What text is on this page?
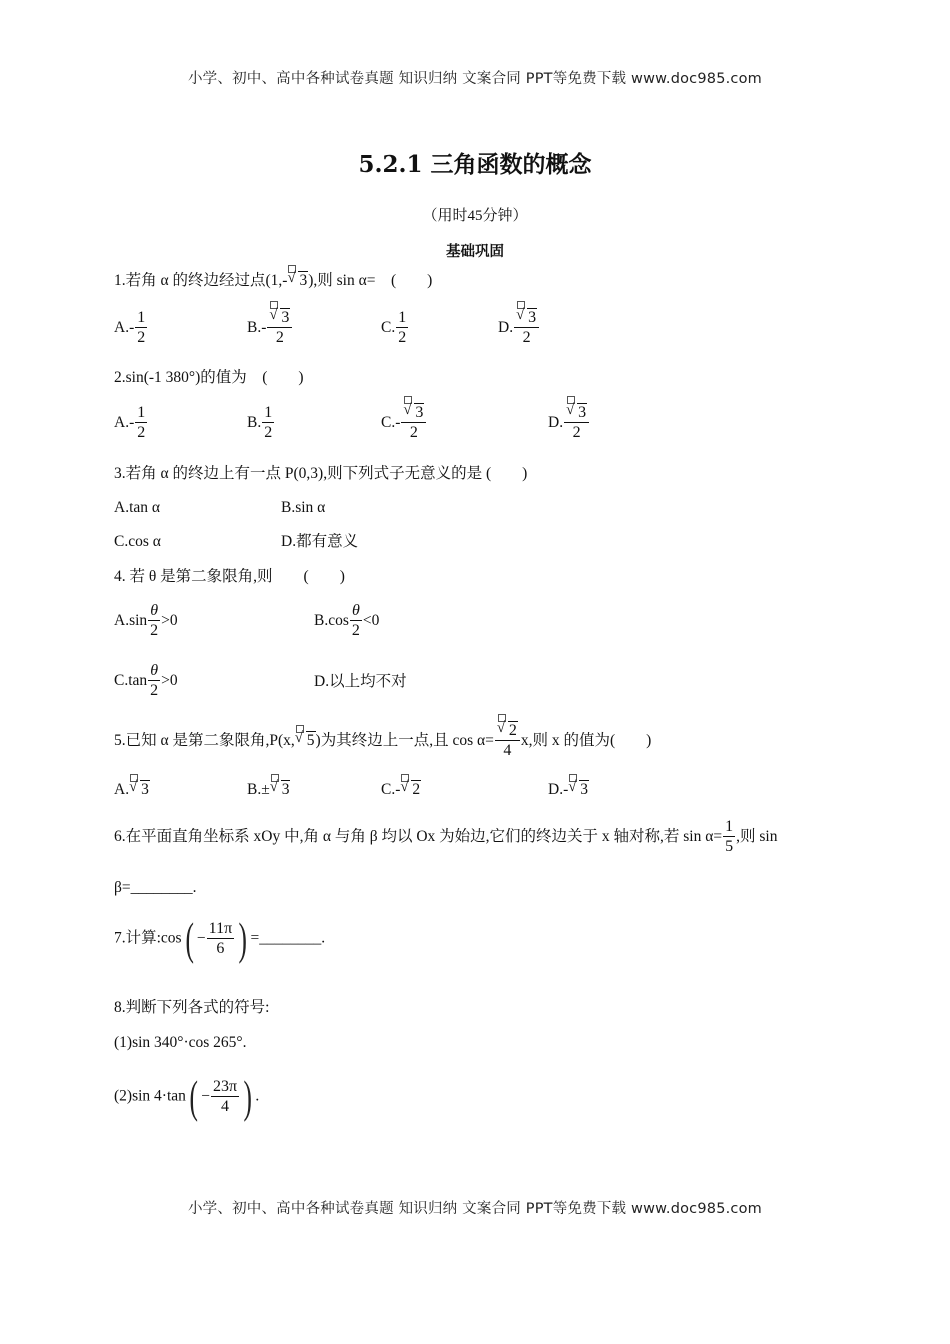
小学、初中、高中各种试卷真题 知识归纳 文案合同 PPT等免费下载 www.doc985.com
5.2.1 三角函数的概念
（用时45分钟）
基础巩固
1.若角 α 的终边经过点(1,- √ 3),则 sin α=　(　　)
$A.- \frac{1}{2}$	$B.- \frac{√ 3}{2}$	C. $\frac{1}{2}$	D. $\frac{√ 3}{2}$
2.sin(-1 380°)的值为　(　　)
$A.- \frac{1}{2}$	B. $\frac{1}{2}$	$C.- \frac{√ 3}{2}$	D. $\frac{√ 3}{2}$
3.若角 α 的终边上有一点 P(0,3),则下列式子无意义的是 (　　)
A.tan α	B.sin α
C.cos α	D.都有意义
4. 若 θ 是第二象限角,则　　(　　)
$A.\sin \frac{\theta}{2} >0$	$B.\cos \frac{\theta}{2} <0$
$C.\tan \frac{\theta}{2} >0$	D.以上均不对
5.已知 α 是第二象限角,P(x, √ 5)为其终边上一点,且 $\cos \alpha= \frac{√ 2}{4} x$,则 x 的值为(　　)
A. √ 3	B.± √ 3	C.- √ 2	D.- √ 3
6.在平面直角坐标系 xOy 中,角 α 与角 β 均以 Ox 为始边,它们的终边关于 x 轴对称,若 $\sin \alpha= \frac{1}{5}$ ,则 sin
β=________.
7.计算:cos( − $\frac{11\pi}{6}$ ) =________.
8.判断下列各式的符号:
(1)sin 340°·cos 265°.
(2)sin $4\cdot\tan( - \frac{23\pi}{4}$ ) .
小学、初中、高中各种试卷真题 知识归纳 文案合同 PPT等免费下载 www.doc985.com
